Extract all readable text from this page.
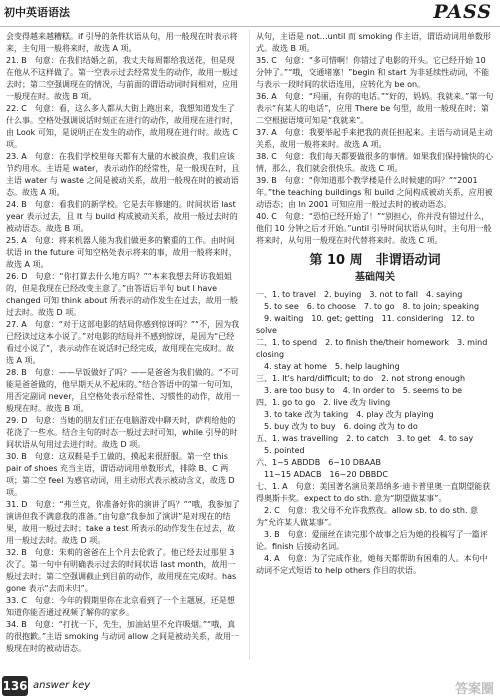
初中英语语法	PASS

会变得越来越糟糕。if 引导的条件状语从句，用一般现在时表示将来，主句用一般将来时，故选 A 项。

21. B　句意：在我们结婚之前，我丈夫每周都给我送花，但是现在他从不这样做了。第一空表示过去经常发生的动作，故用一般过去时；第二空强调现在的情况，与前面的谓语动词时间相对，应用一般现在时。故选 B 项。

22. C　句意：看，这么多人都从大街上跑出来，我想知道发生了什么事。空格处强调说话时刻正在进行的动作，故用现在进行时，由 Look 可知，是说明正在发生的动作，故用现在进行时。故选 C 项。

23. A　句意：在我们学校里每天都有大量的水被浪费，我们应该节约用水。主语是 water，表示动作的经常性，是一般现在时，且主语 water 与 waste 之间是被动关系，故用一般现在时的被动语态。故选 A 项。

24. B　句意：看我们的新学校。它是去年修建的。时间状语 last year 表示过去，且 It 与 build 构成被动关系，故用一般过去时的被动语态。故选 B 项。

25. A　句意：将来机器人能为我们做更多的繁重的工作。由时间状语 in the future 可知空格处表示将来的事，故用一般将来时，故选 A 项。

26. D　句意：“你打算去什么地方吗？”“本来我想去拜访我姐姐的，但是我现在已经改变主意了。”由答语后半句 but I have changed 可知 think about 所表示的动作发生在过去，故用一般过去时。故选 D 项。

27. A　句意：“对于这部电影的结局你感到惊讶吗？”“不，因为我已经读过这本小说了。”对电影的结局并不感到惊讶，是因为“已经看过小说了”，表示动作在说话时已经完成，故用现在完成时。故选 A 项。

28. B　句意：——早饭做好了吗？——是爸爸为我们做的。“不可能是爸爸做的，他早期天从不起床的。”结合答语中的第一句可知，用否定副词 never，且空格处表示经常性、习惯性的动作，故用一般现在时。故选 B 项。

29. D　句意：当她的朋友们正在电脑游戏中聊天时，萨莉给他的花浇了一些水。结合主句的时态一般过去时可知，while 引导的时间状语从句用过去进行时。故选 D 项。

30. B　句意：这双鞋是手工做的，摸起来很舒服。第一空 this pair of shoes 充当主语，谓语动词用单数形式，排除 B、C 两项；第二空 feel 为感官动词，用主动形式表示被动含义，故选 D 项。

31. D　句意：“弗兰克，你准备好你的演讲了吗？”“哦，我参加了演讲但我不满意我的准备。”由句意“我参加了演讲”是对现在的结果，故用一般过去时；take a test 所表示的动作发生在过去，故用一般过去时。故选 D 项。

32. B　句意：朱莉的爸爸在上个月去伦敦了。他已经去过那里 3 次了。第一句中有明确表示过去的时间状语 last month，故用一般过去时；第二空强调截止到目前的动作，故用现在完成时。has gone 表示“去而未归”。

33. C　句意：今年的假期里你在北京看到了一个主题展，还是想知道你能否通过视频了解你的家乡。

34. B　句意：“打扰一下，先生，加油站里不允许吸烟。”“哦，真的很抱歉。”主语 smoking 与动词 allow 之间是被动关系，故用一般现在时的被动语态。

从句，主语是 not…until 而 smoking 作主语，谓语动词用单数形式。故选 B 项。

35. C　句意：“多可惜啊！你错过了电影的开头。它已经开始 10 分钟了。”“哦，交通堵塞！”begin 和 start 为非延续性动词，不能与表示一段时间的状语连用，应转化为 be on。

36. A　句意：“玛丽，有你的电话。”“好的，妈妈。我就来。”第一句表示“有某人的电话”，应用 There be 句型，故用一般现在时；第二空根据语境可知是“我就来”。

37. A　句意：我要举起手来把我的责任担起来。主语与动词是主动关系，故用一般将来时。故选 A 项。

38. C　句意：我们每天都要做很多的事情。如果我们保持愉快的心情，那么，我们就会很快乐。故选 C 项。

39. B　句意：“你知道那个教学楼是什么时候建的吗？”“2001 年。”the teaching buildings 和 build 之间构成被动关系，应用被动语态；由 In 2001 可知应用一般过去时的被动语态。

40. C　句意：“恐怕已经开始了！”“别担心，你并没有错过什么，他们 10 分钟之后才开始。”until 引导时间状语从句时，主句用一般将来时，从句用一般现在时代替将来时。故选 C 项。

第 10 周　非谓语动词
基础闯关

一、1. to travel　2. buying　3. not to fall　4. saying

　5. to see　6. to choose　7. to go　8. to join; speaking

　9. waiting　10. get; getting　11. considering　12. to solve

二、1. to spend　2. to finish the/their homework　3. mind closing

　4. stay at home　5. help laughing

三、1. It's hard/difficult; to do　2. not strong enough

　3. are too busy to　4. In order to　5. seems to be

四、1. go to go　2. live 改为 living

　3. to take 改为 taking　4. play 改为 playing

　5. buy 改为 to buy　6. doing 改为 to do

五、1. was travelling　2. to catch　3. to get　4. to say

　5. pointed

六、1~5 ABDDB　6~10 DBAAB

　11~15 ADACB　16~20 DBBDC

七、1. A　句意：美国著名演员莱昂纳多·迪卡普里奥一直期望能获得奥斯卡奖。expect to do sth. 意为“期望做某事”。

　2. C　句意：我父母不允许我熬夜。allow sb. to do sth. 意为“允许某人做某事”。

　3. B　句意：爱丽丝在读完那个故事之后为她的投稿写了一篇评论。finish 后接动名词。

　4. A　句意：为了完成作业，她每天都帮助有困难的人。本句中动词不定式短语 to help others 作目的状语。

136 answer key	答案圈
